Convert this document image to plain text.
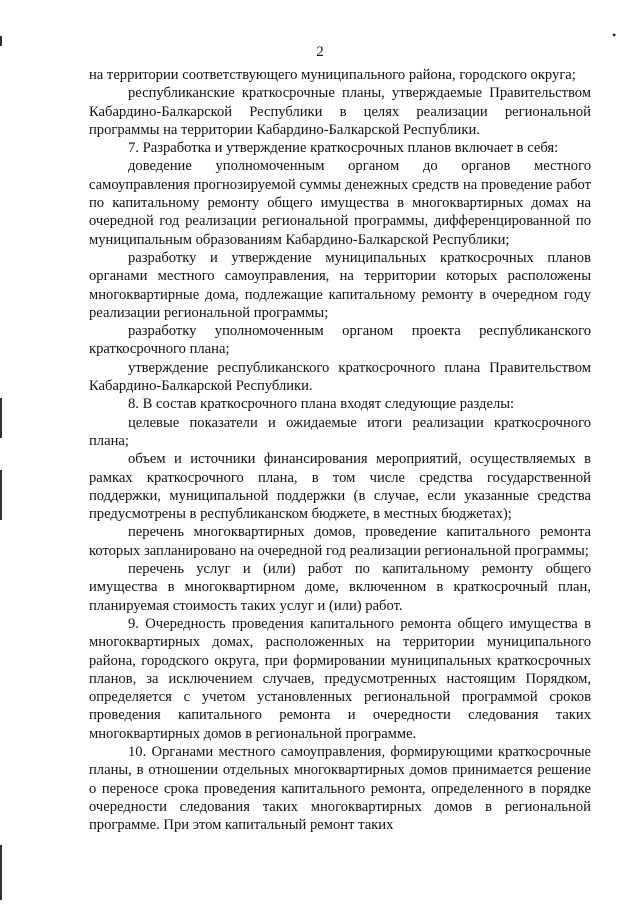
2

на территории соответствующего муниципального района, городского округа;

республиканские краткосрочные планы, утверждаемые Правительством Кабардино-Балкарской Республики в целях реализации региональной программы на территории Кабардино-Балкарской Республики.

7. Разработка и утверждение краткосрочных планов включает в себя:

доведение уполномоченным органом до органов местного самоуправления прогнозируемой суммы денежных средств на проведение работ по капитальному ремонту общего имущества в многоквартирных домах на очередной год реализации региональной программы, дифференцированной по муниципальным образованиям Кабардино-Балкарской Республики;

разработку и утверждение муниципальных краткосрочных планов органами местного самоуправления, на территории которых расположены многоквартирные дома, подлежащие капитальному ремонту в очередном году реализации региональной программы;

разработку уполномоченным органом проекта республиканского краткосрочного плана;

утверждение республиканского краткосрочного плана Правительством Кабардино-Балкарской Республики.

8. В состав краткосрочного плана входят следующие разделы:

целевые показатели и ожидаемые итоги реализации краткосрочного плана;

объем и источники финансирования мероприятий, осуществляемых в рамках краткосрочного плана, в том числе средства государственной поддержки, муниципальной поддержки (в случае, если указанные средства предусмотрены в республиканском бюджете, в местных бюджетах);

перечень многоквартирных домов, проведение капитального ремонта которых запланировано на очередной год реализации региональной программы;

перечень услуг и (или) работ по капитальному ремонту общего имущества в многоквартирном доме, включенном в краткосрочный план, планируемая стоимость таких услуг и (или) работ.

9. Очередность проведения капитального ремонта общего имущества в многоквартирных домах, расположенных на территории муниципального района, городского округа, при формировании муниципальных краткосрочных планов, за исключением случаев, предусмотренных настоящим Порядком, определяется с учетом установленных региональной программой сроков проведения капитального ремонта и очередности следования таких многоквартирных домов в региональной программе.

10. Органами местного самоуправления, формирующими краткосрочные планы, в отношении отдельных многоквартирных домов принимается решение о переносе срока проведения капитального ремонта, определенного в порядке очередности следования таких многоквартирных домов в региональной программе. При этом капитальный ремонт таких

•
